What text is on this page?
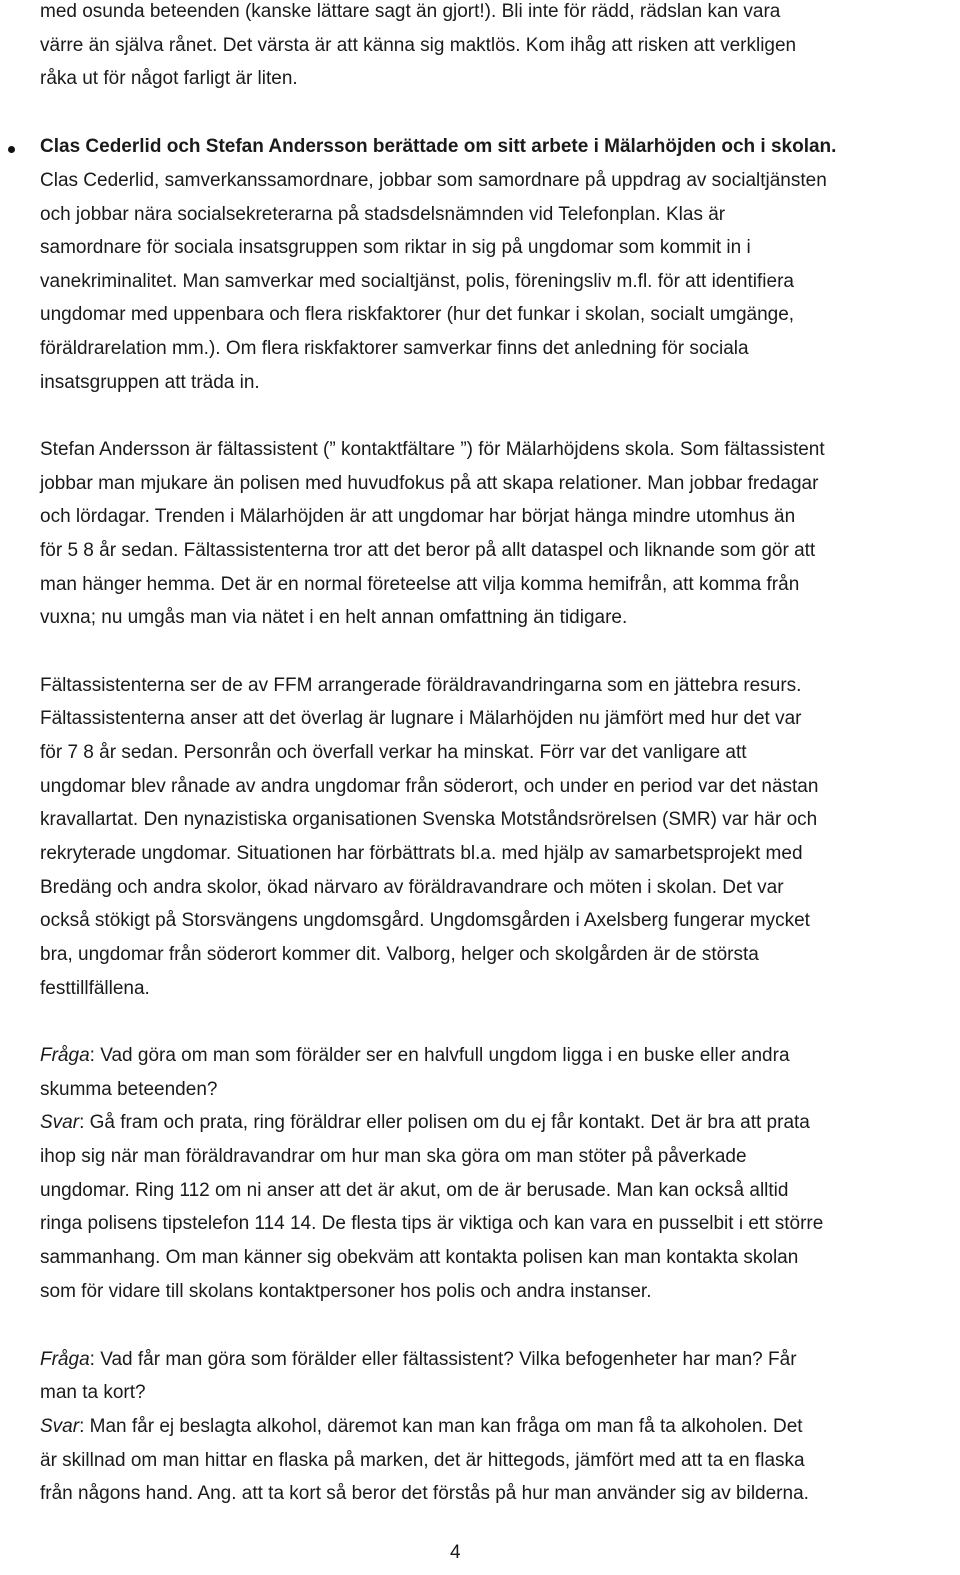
med osunda beteenden (kanske lättare sagt än gjort!). Bli inte för rädd, rädslan kan vara
värre än själva rånet. Det värsta är att känna sig maktlös. Kom ihåg att risken att verkligen
råka ut för något farligt är liten.
Clas Cederlid och Stefan Andersson berättade om sitt arbete i Mälarhöjden och i skolan.
Clas Cederlid, samverkanssamordnare, jobbar som samordnare på uppdrag av socialtjänsten
och jobbar nära socialsekreterarna på stadsdelsnämnden vid Telefonplan. Klas är
samordnare för sociala insatsgruppen som riktar in sig på ungdomar som kommit in i
vanekriminalitet. Man samverkar med socialtjänst, polis, föreningsliv m.fl. för att identifiera
ungdomar med uppenbara och flera riskfaktorer (hur det funkar i skolan, socialt umgänge,
föräldrarelation mm.). Om flera riskfaktorer samverkar finns det anledning för sociala
insatsgruppen att träda in.
Stefan Andersson är fältassistent (” kontaktfältare ”) för Mälarhöjdens skola. Som fältassistent
jobbar man mjukare än polisen med huvudfokus på att skapa relationer. Man jobbar fredagar
och lördagar. Trenden i Mälarhöjden är att ungdomar har börjat hänga mindre utomhus än
för 5 8 år sedan. Fältassistenterna tror att det beror på allt dataspel och liknande som gör att
man hänger hemma. Det är en normal företeelse att vilja komma hemifrån, att komma från
vuxna; nu umgås man via nätet i en helt annan omfattning än tidigare.
Fältassistenterna ser de av FFM arrangerade föräldravandringarna som en jättebra resurs.
Fältassistenterna anser att det överlag är lugnare i Mälarhöjden nu jämfört med hur det var
för 7 8 år sedan. Personrån och överfall verkar ha minskat. Förr var det vanligare att
ungdomar blev rånade av andra ungdomar från söderort, och under en period var det nästan
kravallartat. Den nynazistiska organisationen Svenska Motståndsrörelsen (SMR) var här och
rekryterade ungdomar. Situationen har förbättrats bl.a. med hjälp av samarbetsprojekt med
Bredäng och andra skolor, ökad närvaro av föräldravandrare och möten i skolan. Det var
också stökigt på Storsvängens ungdomsgård. Ungdomsgården i Axelsberg fungerar mycket
bra, ungdomar från söderort kommer dit. Valborg, helger och skolgården är de största
festtillfällena.
Fråga: Vad göra om man som förälder ser en halvfull ungdom ligga i en buske eller andra
skumma beteenden?
Svar: Gå fram och prata, ring föräldrar eller polisen om du ej får kontakt. Det är bra att prata
ihop sig när man föräldravandrar om hur man ska göra om man stöter på påverkade
ungdomar. Ring 112 om ni anser att det är akut, om de är berusade. Man kan också alltid
ringa polisens tipstelefon 114 14. De flesta tips är viktiga och kan vara en pusselbit i ett större
sammanhang. Om man känner sig obekväm att kontakta polisen kan man kontakta skolan
som för vidare till skolans kontaktpersoner hos polis och andra instanser.
Fråga: Vad får man göra som förälder eller fältassistent? Vilka befogenheter har man? Får
man ta kort?
Svar: Man får ej beslagta alkohol, däremot kan man kan fråga om man få ta alkoholen. Det
är skillnad om man hittar en flaska på marken, det är hittegods, jämfört med att ta en flaska
från någons hand. Ang. att ta kort så beror det förstås på hur man använder sig av bilderna.
4
